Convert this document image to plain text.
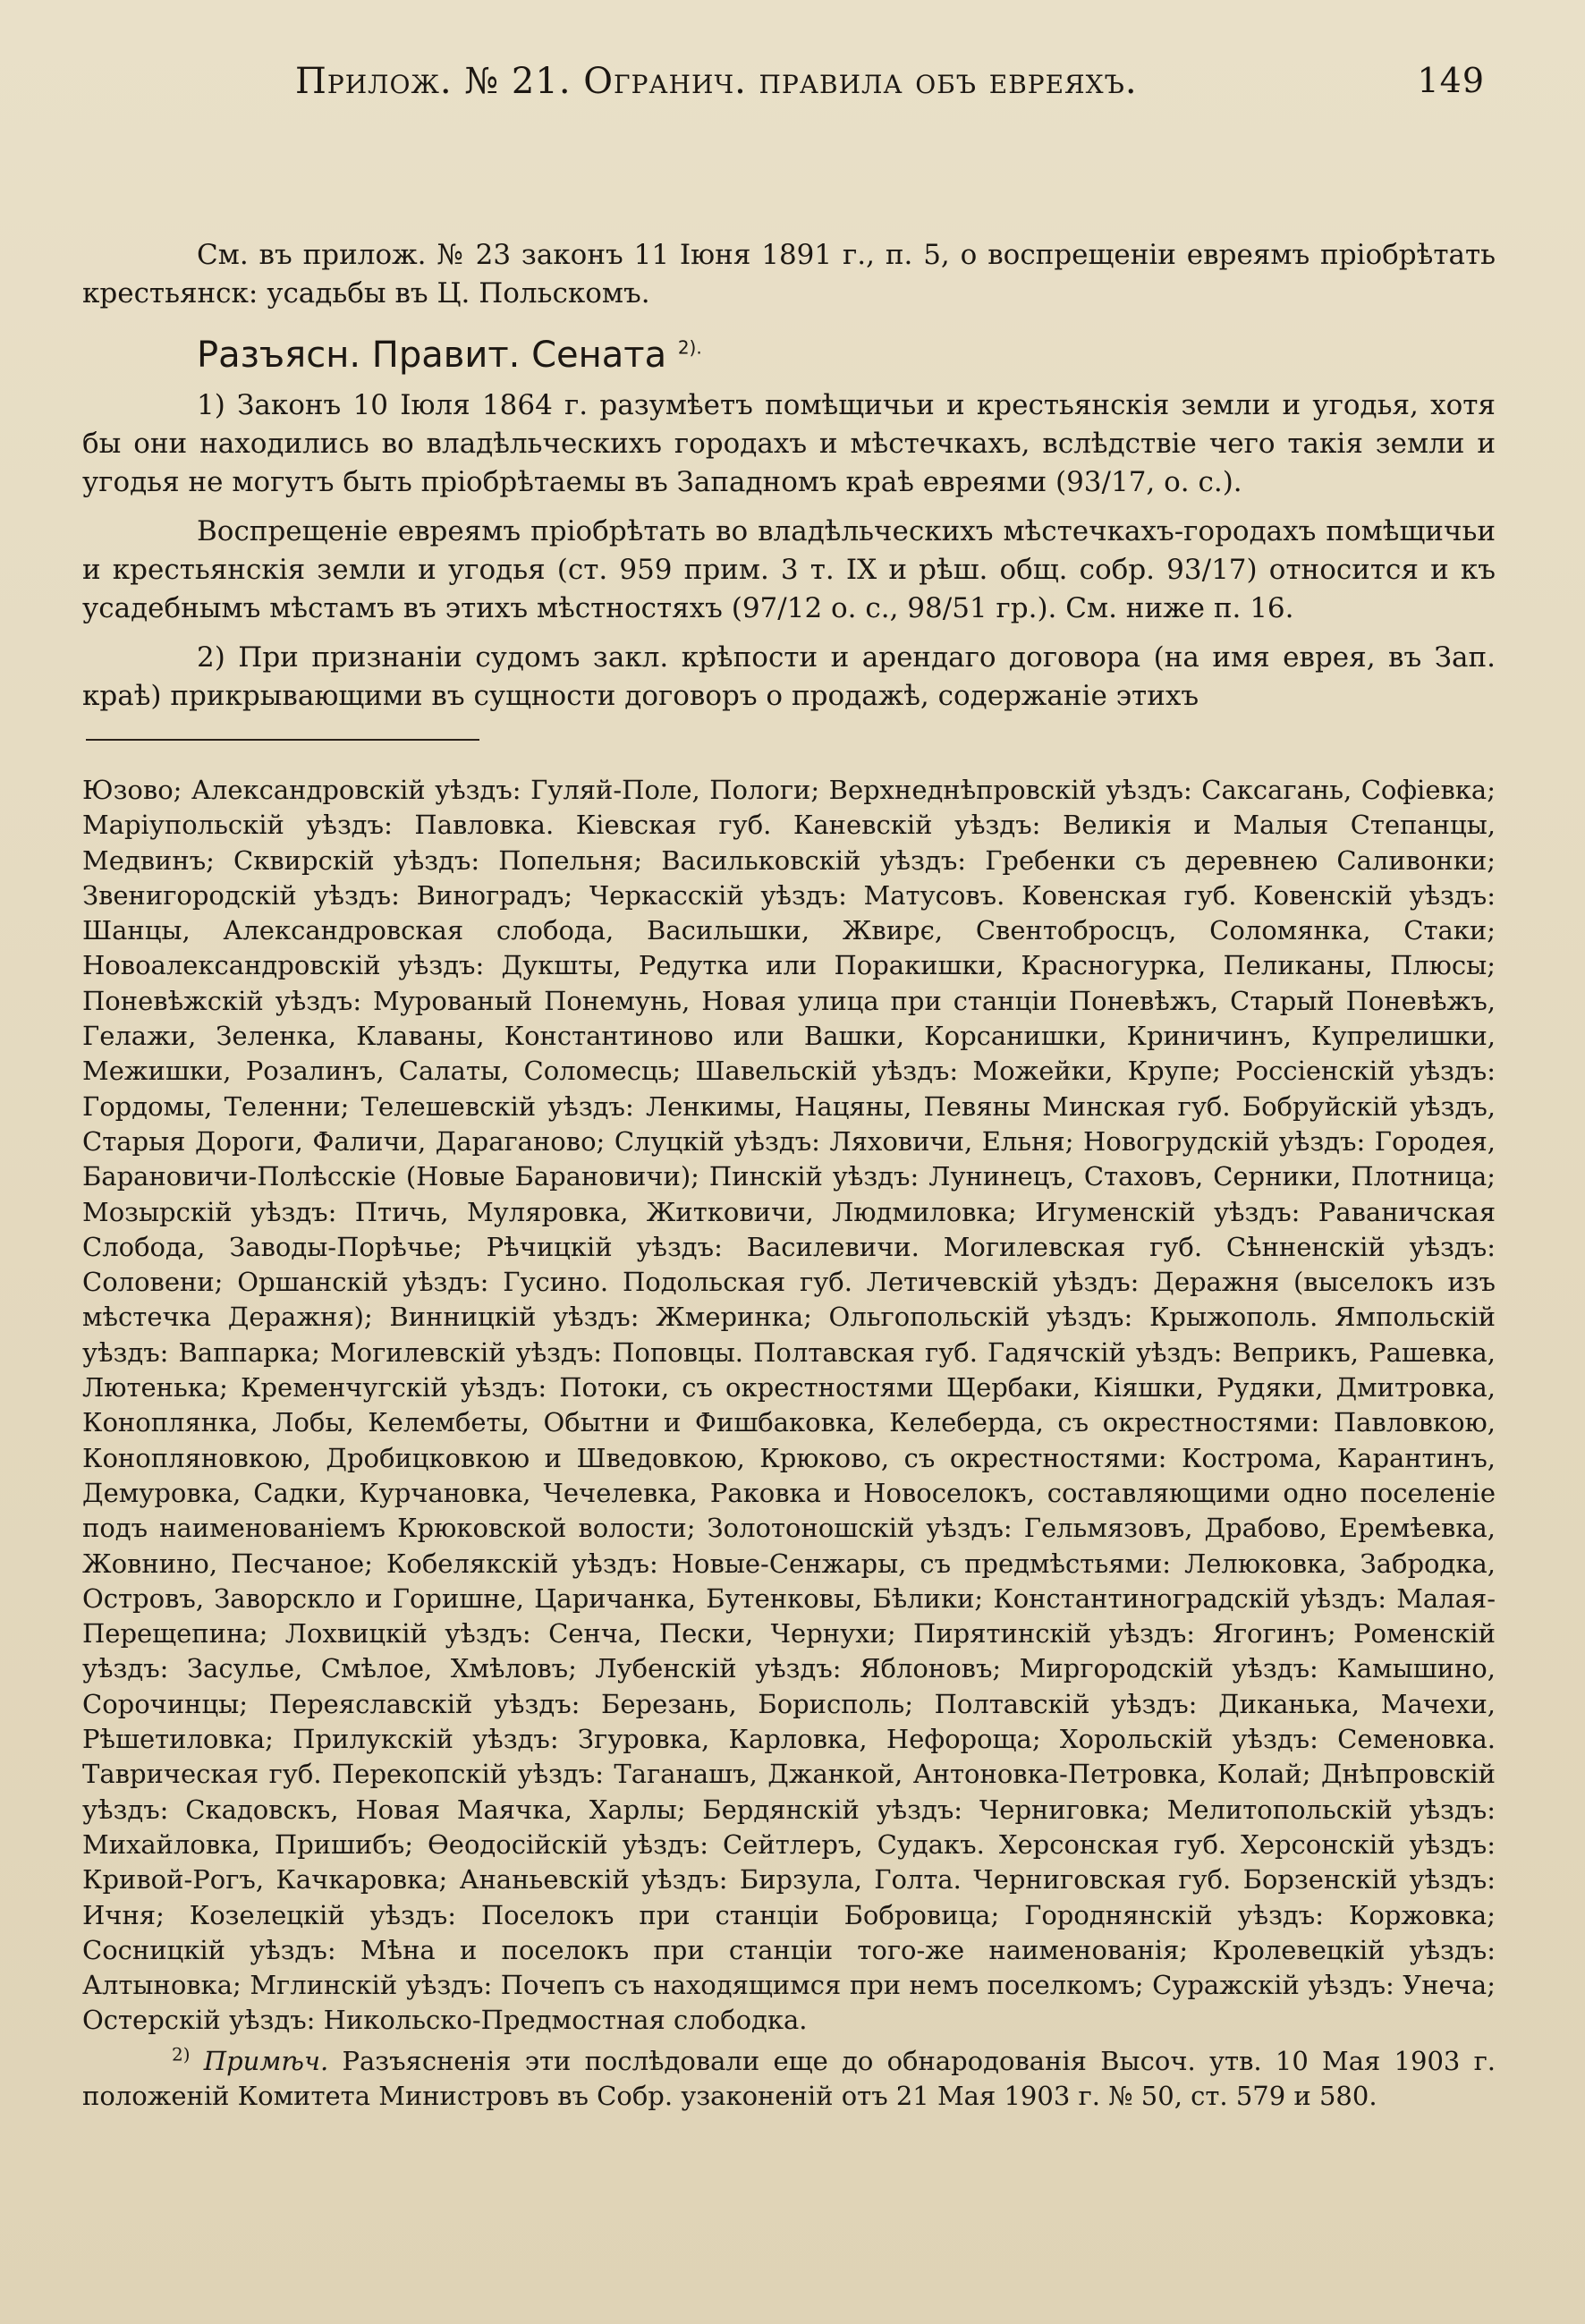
Прилож. № 21. Огранич. правила объ евреяхъ.	149

См. въ прилож. № 23 законъ 11 Іюня 1891 г., п. 5, о воспрещеніи евреямъ пріобрѣтать крестьянск: усадьбы въ Ц. Польскомъ.

Разъясн. Правит. Сената $^{2).}$

1) Законъ 10 Іюля 1864 г. разумѣетъ помѣщичьи и крестьянскія земли и угодья, хотя бы они находились во владѣльческихъ городахъ и мѣстечкахъ, вслѣдствіе чего такія земли и угодья не могутъ быть пріобрѣтаемы въ Западномъ краѣ евреями (93/17, о. с.).

Воспрещеніе евреямъ пріобрѣтать во владѣльческихъ мѣстечкахъ-городахъ помѣщичьи и крестьянскія земли и угодья (ст. 959 прим. 3 т. IX и рѣш. общ. собр. 93/17) относится и къ усадебнымъ мѣстамъ въ этихъ мѣстностяхъ (97/12 о. с., 98/51 гр.). См. ниже п. 16.

2) При признаніи судомъ закл. крѣпости и арендаго договора (на имя еврея, въ Зап. краѣ) прикрывающими въ сущности договоръ о продажѣ, содержаніе этихъ

Юзово; Александровскій уѣздъ: Гуляй-Поле, Пологи; Верхнеднѣпровскій уѣздъ: Саксагань, Софіевка; Маріупольскій уѣздъ: Павловка. Кіевская губ. Каневскій уѣздъ: Великія и Малыя Степанцы, Медвинъ; Сквирскій уѣздъ: Попельня; Васильковскій уѣздъ: Гребенки съ деревнею Саливонки; Звенигородскій уѣздъ: Виноградъ; Черкасскій уѣздъ: Матусовъ. Ковенская губ. Ковенскій уѣздъ: Шанцы, Александровская слобода, Васильшки, Жвирє, Свентоброcцъ, Соломянка, Стаки; Новоалександровскій уѣздъ: Дукшты, Редутка или Поракишки, Красногурка, Пеликаны, Плюсы; Поневѣжскій уѣздъ: Мурованый Понемунь, Новая улица при станціи Поневѣжъ, Старый Поневѣжъ, Гелажи, Зеленка, Клаваны, Константиново или Вашки, Корсанишки, Криничинъ, Купрелишки, Межишки, Розалинъ, Салаты, Соломесць; Шавельскій уѣздъ: Можейки, Крупе; Россіенскій уѣздъ: Гордомы, Теленни; Телешевскій уѣздъ: Ленкимы, Нацяны, Певяны Минская губ. Бобруйскій уѣздъ, Старыя Дороги, Фаличи, Дараганово; Слуцкій уѣздъ: Ляховичи, Ельня; Новогрудскій уѣздъ: Городея, Барановичи-Полѣсскіе (Новые Барановичи); Пинскій уѣздъ: Лунинецъ, Стаховъ, Серники, Плотница; Мозырскій уѣздъ: Птичь, Муляровка, Житковичи, Людмиловка; Игуменскій уѣздъ: Раваничская Слобода, Заводы-Порѣчье; Рѣчицкій уѣздъ: Василевичи. Могилевская губ. Сѣнненскій уѣздъ: Соловени; Оршанскій уѣздъ: Гусино. Подольская губ. Летичевскій уѣздъ: Деражня (выселокъ изъ мѣстечка Деражня); Винницкій уѣздъ: Жмеринка; Ольгопольскій уѣздъ: Крыжополь. Ямпольскій уѣздъ: Ваппарка; Могилевскій уѣздъ: Поповцы. Полтавская губ. Гадячскій уѣздъ: Веприкъ, Рашевка, Лютенька; Кременчугскій уѣздъ: Потоки, съ окрестностями Щербаки, Кіяшки, Рудяки, Дмитровка, Коноплянка, Лобы, Келембеты, Обытни и Фишбаковка, Келеберда, съ окрестностями: Павловкою, Конопляновкою, Дробицковкою и Шведовкою, Крюково, съ окрестностями: Кострома, Карантинъ, Демуровка, Садки, Курчановка, Чечелевка, Раковка и Новоселокъ, составляющими одно поселеніе подъ наименованіемъ Крюковской волости; Золотоношскій уѣздъ: Гельмязовъ, Драбово, Еремѣевка, Жовнино, Песчаное; Кобелякскій уѣздъ: Новые-Сенжары, съ предмѣстьями: Лелюковка, Забродка, Островъ, Заворскло и Горишне, Царичанка, Бутенковы, Бѣлики; Константиноградскій уѣздъ: Малая-Перещепина; Лохвицкій уѣздъ: Сенча, Пески, Чернухи; Пирятинскій уѣздъ: Ягогинъ; Роменскій уѣздъ: Засулье, Смѣлое, Хмѣловъ; Лубенскій уѣздъ: Яблоновъ; Миргородскій уѣздъ: Камышино, Сорочинцы; Переяславскій уѣздъ: Березань, Борисполь; Полтавскій уѣздъ: Диканька, Мачехи, Рѣшетиловка; Прилукскій уѣздъ: Згуровка, Карловка, Нефороща; Хорольскій уѣздъ: Семеновка. Таврическая губ. Перекопскій уѣздъ: Таганашъ, Джанкой, Антоновка-Петровка, Колай; Днѣпровскій уѣздъ: Скадовскъ, Новая Маячка, Харлы; Бердянскій уѣздъ: Черниговка; Мелитопольскій уѣздъ: Михайловка, Пришибъ; Ѳеодосійскій уѣздъ: Сейтлеръ, Судакъ. Херсонская губ. Херсонскій уѣздъ: Кривой-Рогъ, Качкаровка; Ананьевскій уѣздъ: Бирзула, Голта. Черниговская губ. Борзенскій уѣздъ: Ичня; Козелецкій уѣздъ: Поселокъ при станціи Бобровица; Городнянскій уѣздъ: Коржовка; Сосницкій уѣздъ: Мѣна и поселокъ при станціи того-же наименованія; Кролевецкій уѣздъ: Алтыновка; Мглинскій уѣздъ: Почепъ съ находящимся при немъ поселкомъ; Суражскій уѣздъ: Унеча; Остерскій уѣздъ: Никольско-Предмостная слободка.

$^{2)}$ Примѣч. Разъясненія эти послѣдовали еще до обнародованія Высоч. утв. 10 Мая 1903 г. положеній Комитета Министровъ въ Собр. узаконеній отъ 21 Мая 1903 г. № 50, ст. 579 и 580.
